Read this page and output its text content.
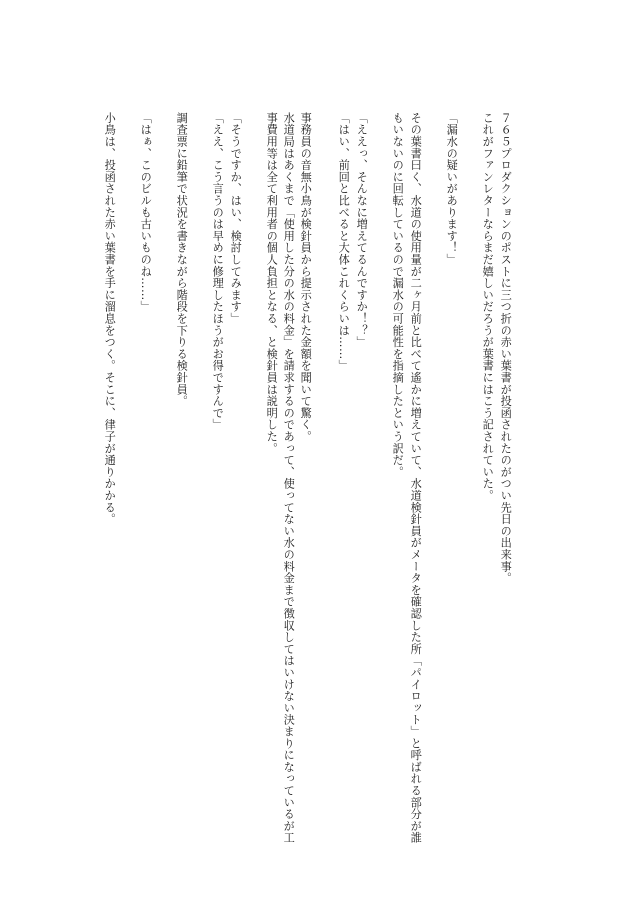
７６５プロダクションのポストに三つ折の赤い葉書が投函されたのがつい先日の出来事。

これがファンレターならまだ嬉しいだろうが葉書にはこう記されていた。

「漏水の疑いがあります！」

その葉書曰く、水道の使用量が二ヶ月前と比べて遙かに増えていて、水道検針員がメータを確認した所「パイロット」と呼ばれる部分が誰

もいないのに回転しているので漏水の可能性を指摘したという訳だ。

「ええっ、そんなに増えてるんですか！？」

「はい、前回と比べると大体これくらいは……」

事務員の音無小鳥が検針員から提示された金額を聞いて驚く。

水道局はあくまで「使用した分の水の料金」を請求するのであって、使ってない水の料金まで徴収してはいけない決まりになっているが工

事費用等は全て利用者の個人負担となる、と検針員は説明した。

「そうですか、はい、検討してみます」

「ええ、こう言うのは早めに修理したほうがお得ですんで」

調査票に鉛筆で状況を書きながら階段を下りる検針員。

「はぁ、このビルも古いものね……」

小鳥は、投函された赤い葉書を手に溜息をつく。そこに、律子が通りかかる。
